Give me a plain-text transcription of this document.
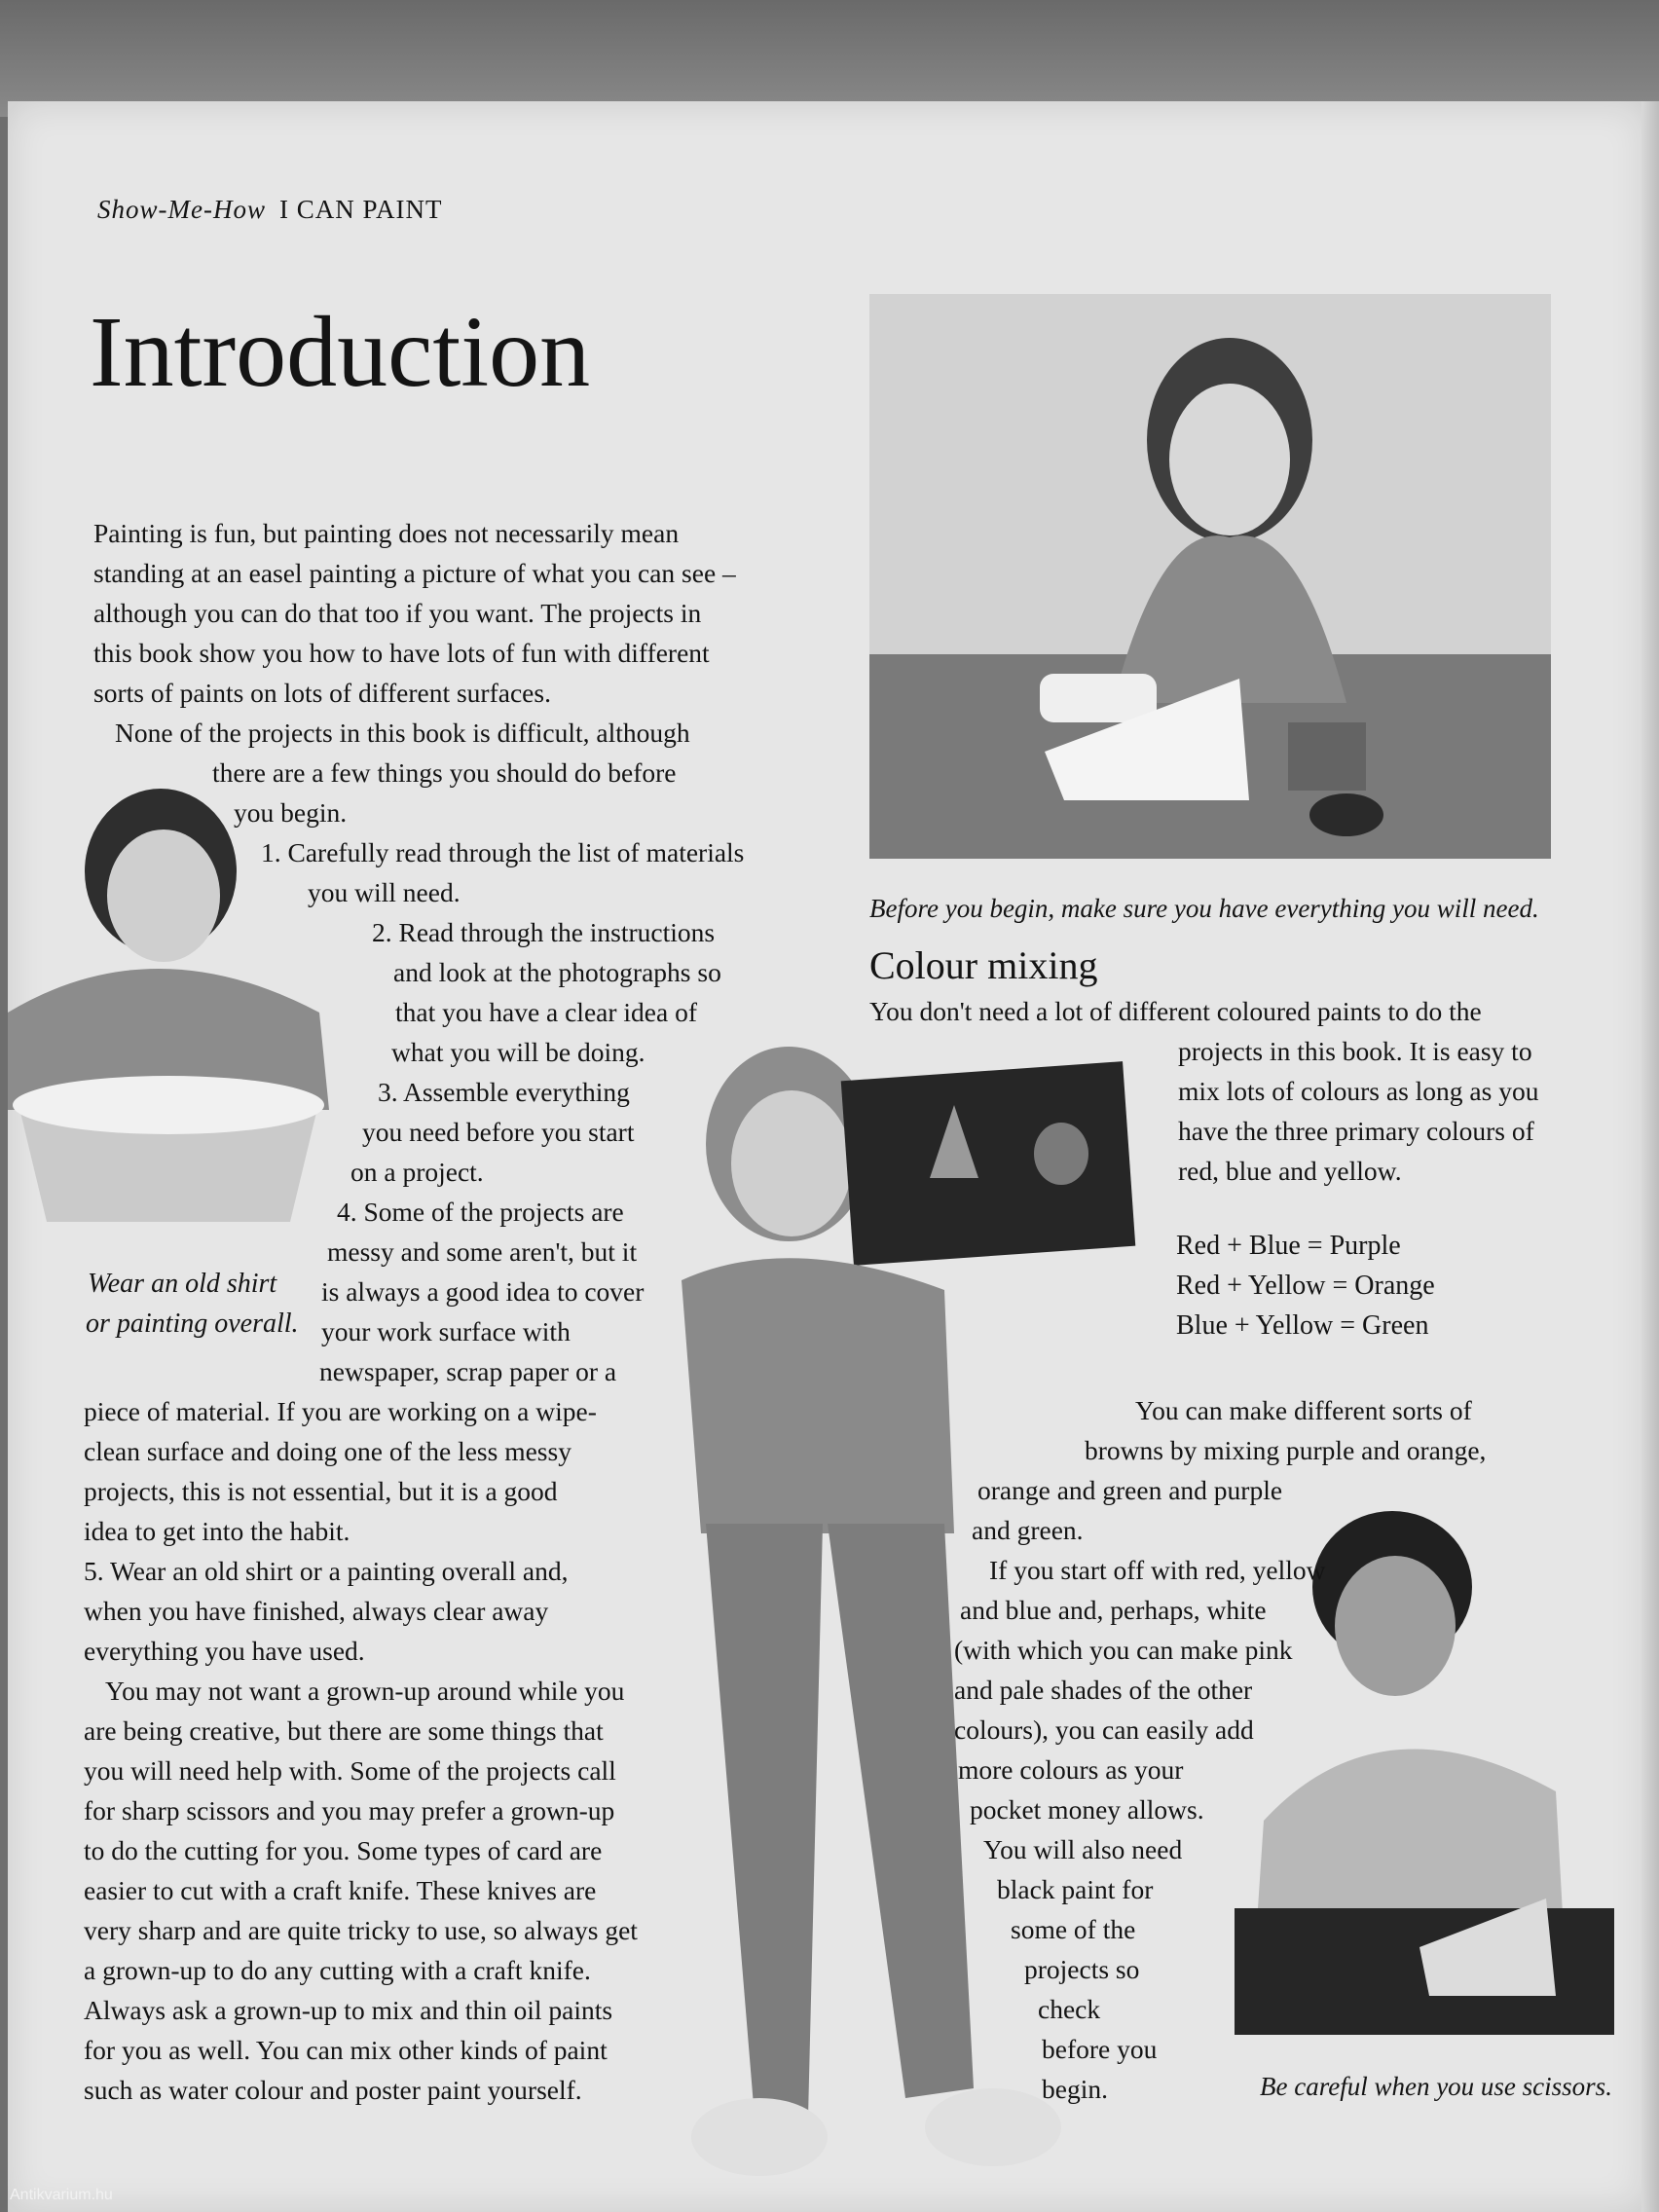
Show-Me-How I CAN PAINT
Introduction
Painting is fun, but painting does not necessarily mean
standing at an easel painting a picture of what you can see –
although you can do that too if you want. The projects in
this book show you how to have lots of fun with different
sorts of paints on lots of different surfaces.
None of the projects in this book is difficult, although
there are a few things you should do before
you begin.
1. Carefully read through the list of materials
you will need.
2. Read through the instructions
and look at the photographs so
that you have a clear idea of
what you will be doing.
3. Assemble everything
you need before you start
on a project.
4. Some of the projects are
messy and some aren't, but it
is always a good idea to cover
your work surface with
newspaper, scrap paper or a
piece of material. If you are working on a wipe-
clean surface and doing one of the less messy
projects, this is not essential, but it is a good
idea to get into the habit.
5. Wear an old shirt or a painting overall and,
when you have finished, always clear away
everything you have used.
You may not want a grown-up around while you
are being creative, but there are some things that
you will need help with. Some of the projects call
for sharp scissors and you may prefer a grown-up
to do the cutting for you. Some types of card are
easier to cut with a craft knife. These knives are
very sharp and are quite tricky to use, so always get
a grown-up to do any cutting with a craft knife.
Always ask a grown-up to mix and thin oil paints
for you as well. You can mix other kinds of paint
such as water colour and poster paint yourself.
Wear an old shirt
or painting overall.
Before you begin, make sure you have everything you will need.
Colour mixing
You don't need a lot of different coloured paints to do the
projects in this book. It is easy to
mix lots of colours as long as you
have the three primary colours of
red, blue and yellow.
Red + Blue = Purple
Red + Yellow = Orange
Blue + Yellow = Green
You can make different sorts of
browns by mixing purple and orange,
orange and green and purple
and green.
If you start off with red, yellow
and blue and, perhaps, white
(with which you can make pink
and pale shades of the other
colours), you can easily add
more colours as your
pocket money allows.
You will also need
black paint for
some of the
projects so
check
before you
begin.	Be careful when you use scissors.
Antikvarium.hu
